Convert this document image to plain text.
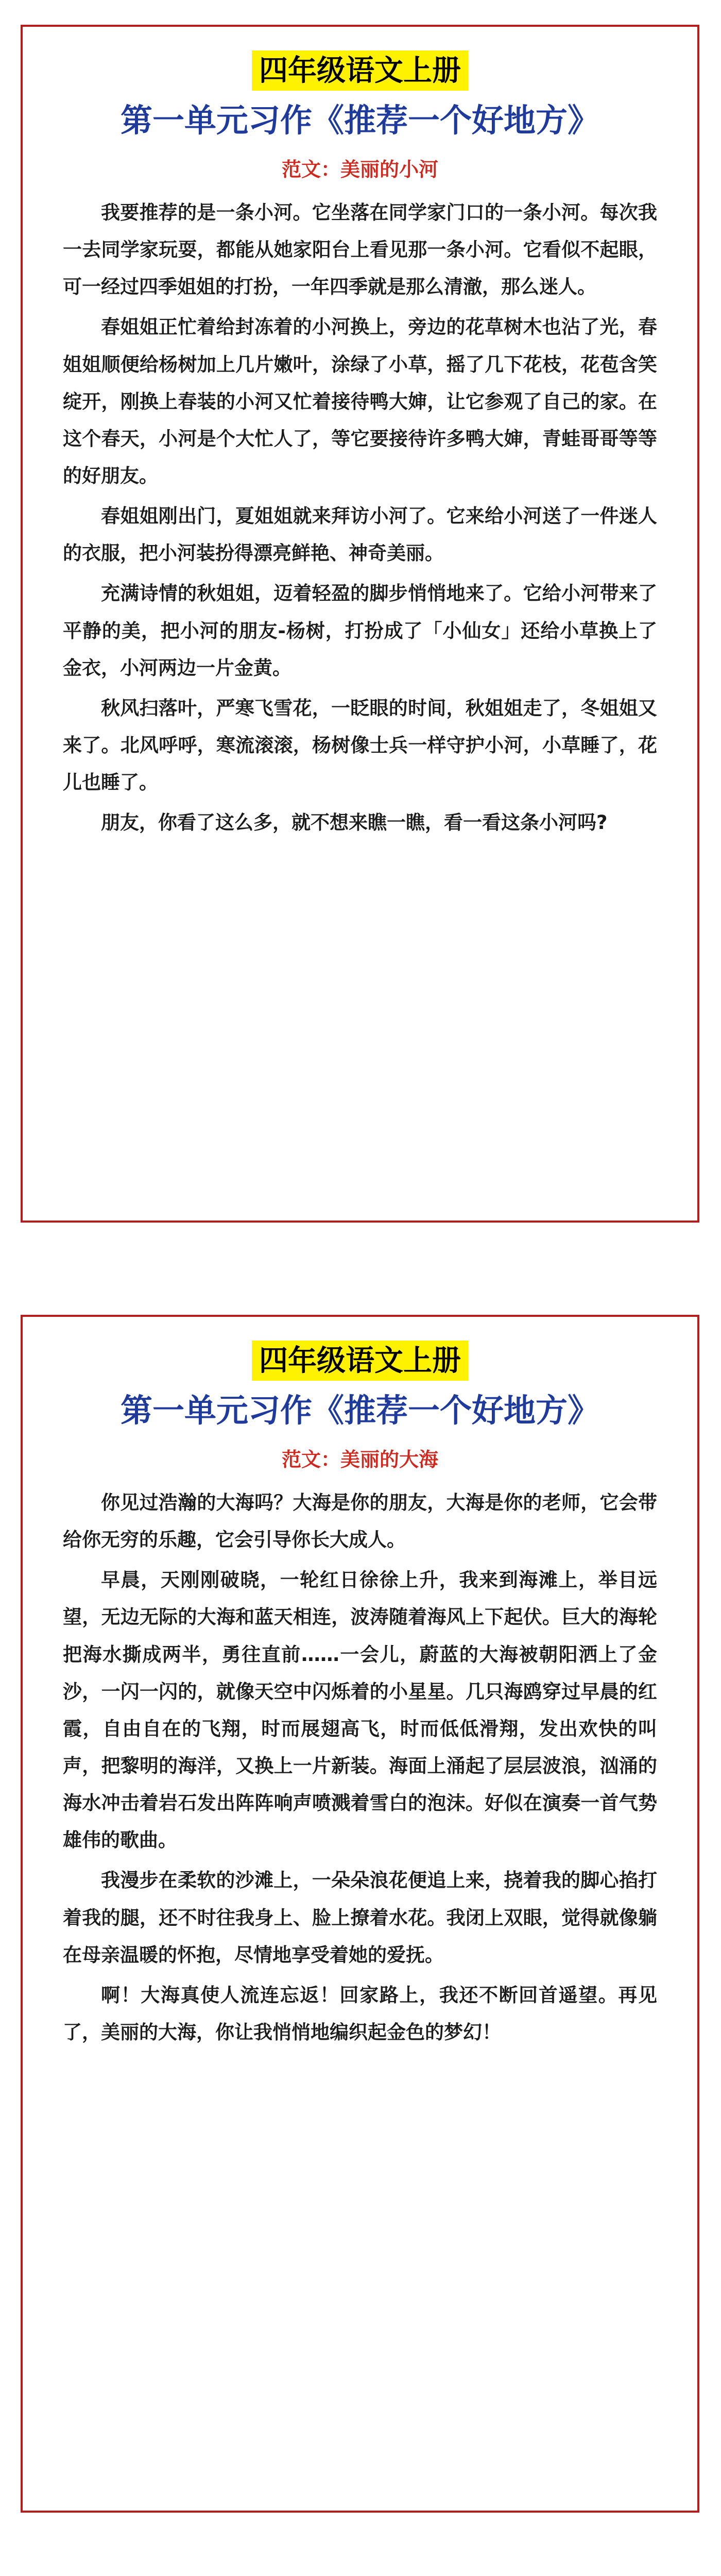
四年级语文上册
第一单元习作《推荐一个好地方》
范文：美丽的小河

我要推荐的是一条小河。它坐落在同学家门口的一条小河。每次我一去同学家玩耍，都能从她家阳台上看见那一条小河。它看似不起眼，可一经过四季姐姐的打扮，一年四季就是那么清澈，那么迷人。

春姐姐正忙着给封冻着的小河换上，旁边的花草树木也沾了光，春姐姐顺便给杨树加上几片嫩叶，涂绿了小草，摇了几下花枝，花苞含笑绽开，刚换上春装的小河又忙着接待鸭大婶，让它参观了自己的家。在这个春天，小河是个大忙人了，等它要接待许多鸭大婶，青蛙哥哥等等的好朋友。

春姐姐刚出门，夏姐姐就来拜访小河了。它来给小河送了一件迷人的衣服，把小河装扮得漂亮鲜艳、神奇美丽。

充满诗情的秋姐姐，迈着轻盈的脚步悄悄地来了。它给小河带来了平静的美，把小河的朋友-杨树，打扮成了「小仙女」还给小草换上了金衣，小河两边一片金黄。

秋风扫落叶，严寒飞雪花，一眨眼的时间，秋姐姐走了，冬姐姐又来了。北风呼呼，寒流滚滚，杨树像士兵一样守护小河，小草睡了，花儿也睡了。

朋友，你看了这么多，就不想来瞧一瞧，看一看这条小河吗?

四年级语文上册
第一单元习作《推荐一个好地方》
范文：美丽的大海

你见过浩瀚的大海吗？大海是你的朋友，大海是你的老师，它会带给你无穷的乐趣，它会引导你长大成人。

早晨，天刚刚破晓，一轮红日徐徐上升，我来到海滩上，举目远望，无边无际的大海和蓝天相连，波涛随着海风上下起伏。巨大的海轮把海水撕成两半，勇往直前……一会儿，蔚蓝的大海被朝阳洒上了金沙，一闪一闪的，就像天空中闪烁着的小星星。几只海鸥穿过早晨的红霞，自由自在的飞翔，时而展翅高飞，时而低低滑翔，发出欢快的叫声，把黎明的海洋，又换上一片新装。海面上涌起了层层波浪，汹涌的海水冲击着岩石发出阵阵响声喷溅着雪白的泡沫。好似在演奏一首气势雄伟的歌曲。

我漫步在柔软的沙滩上，一朵朵浪花便追上来，挠着我的脚心掐打着我的腿，还不时往我身上、脸上撩着水花。我闭上双眼，觉得就像躺在母亲温暖的怀抱，尽情地享受着她的爱抚。

啊！大海真使人流连忘返！回家路上，我还不断回首遥望。再见了，美丽的大海，你让我悄悄地编织起金色的梦幻！
